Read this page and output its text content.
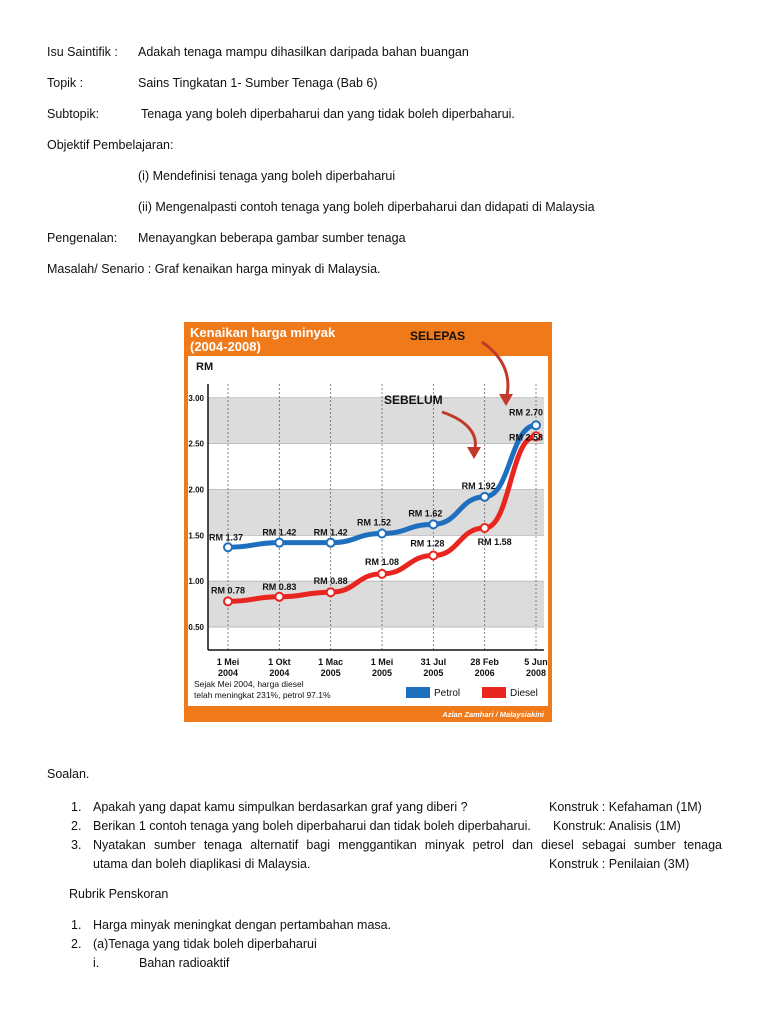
Isu Saintifik : Adakah tenaga mampu dihasilkan daripada bahan buangan
Topik :	Sains Tingkatan 1- Sumber Tenaga (Bab 6)
Subtopik:	Tenaga yang boleh diperbaharui dan yang tidak boleh diperbaharui.
Objektif Pembelajaran:
(i) Mendefinisi tenaga yang boleh diperbaharui
(ii) Mengenalpasti contoh tenaga yang boleh diperbaharui dan didapati di Malaysia
Pengenalan: Menayangkan beberapa gambar sumber tenaga
Masalah/ Senario : Graf kenaikan harga minyak di Malaysia.
Kenaikan harga minyak
(2004-2008)
RM
3.00
2.50
2.00
1.50
1.00
0.50
1 Mei
2004
1 Okt
2004
1 Mac
2005
1 Mei
2005
31 Jul
2005
28 Feb
2006
5 Jun
2008
RM 1.37 RM 1.42 RM 1.42
RM 1.52
RM 1.62
RM 1.92
RM 2.70
RM 0.78 RM 0.83
RM 0.88
RM 1.08
RM 1.28	RM 1.58
RM 2.58
SELEPAS
SEBELUM
Sejak Mei 2004, harga diesel
telah meningkat 231%, petrol 97.1%	Petrol	Diesel
Azlan Zamhari / Malaysiakini
Soalan.
1. Apakah yang dapat kamu simpulkan berdasarkan graf yang diberi ?	Konstruk : Kefahaman (1M)
2. Berikan 1 contoh tenaga yang boleh diperbaharui dan tidak boleh diperbaharui. Konstruk: Analisis (1M)
3. Nyatakan sumber tenaga alternatif bagi menggantikan minyak petrol dan diesel sebagai sumber tenaga
utama dan boleh diaplikasi di Malaysia.	Konstruk : Penilaian (3M)
Rubrik Penskoran
1. Harga minyak meningkat dengan pertambahan masa.
2. (a)Tenaga yang tidak boleh diperbaharui
i.	Bahan radioaktif
